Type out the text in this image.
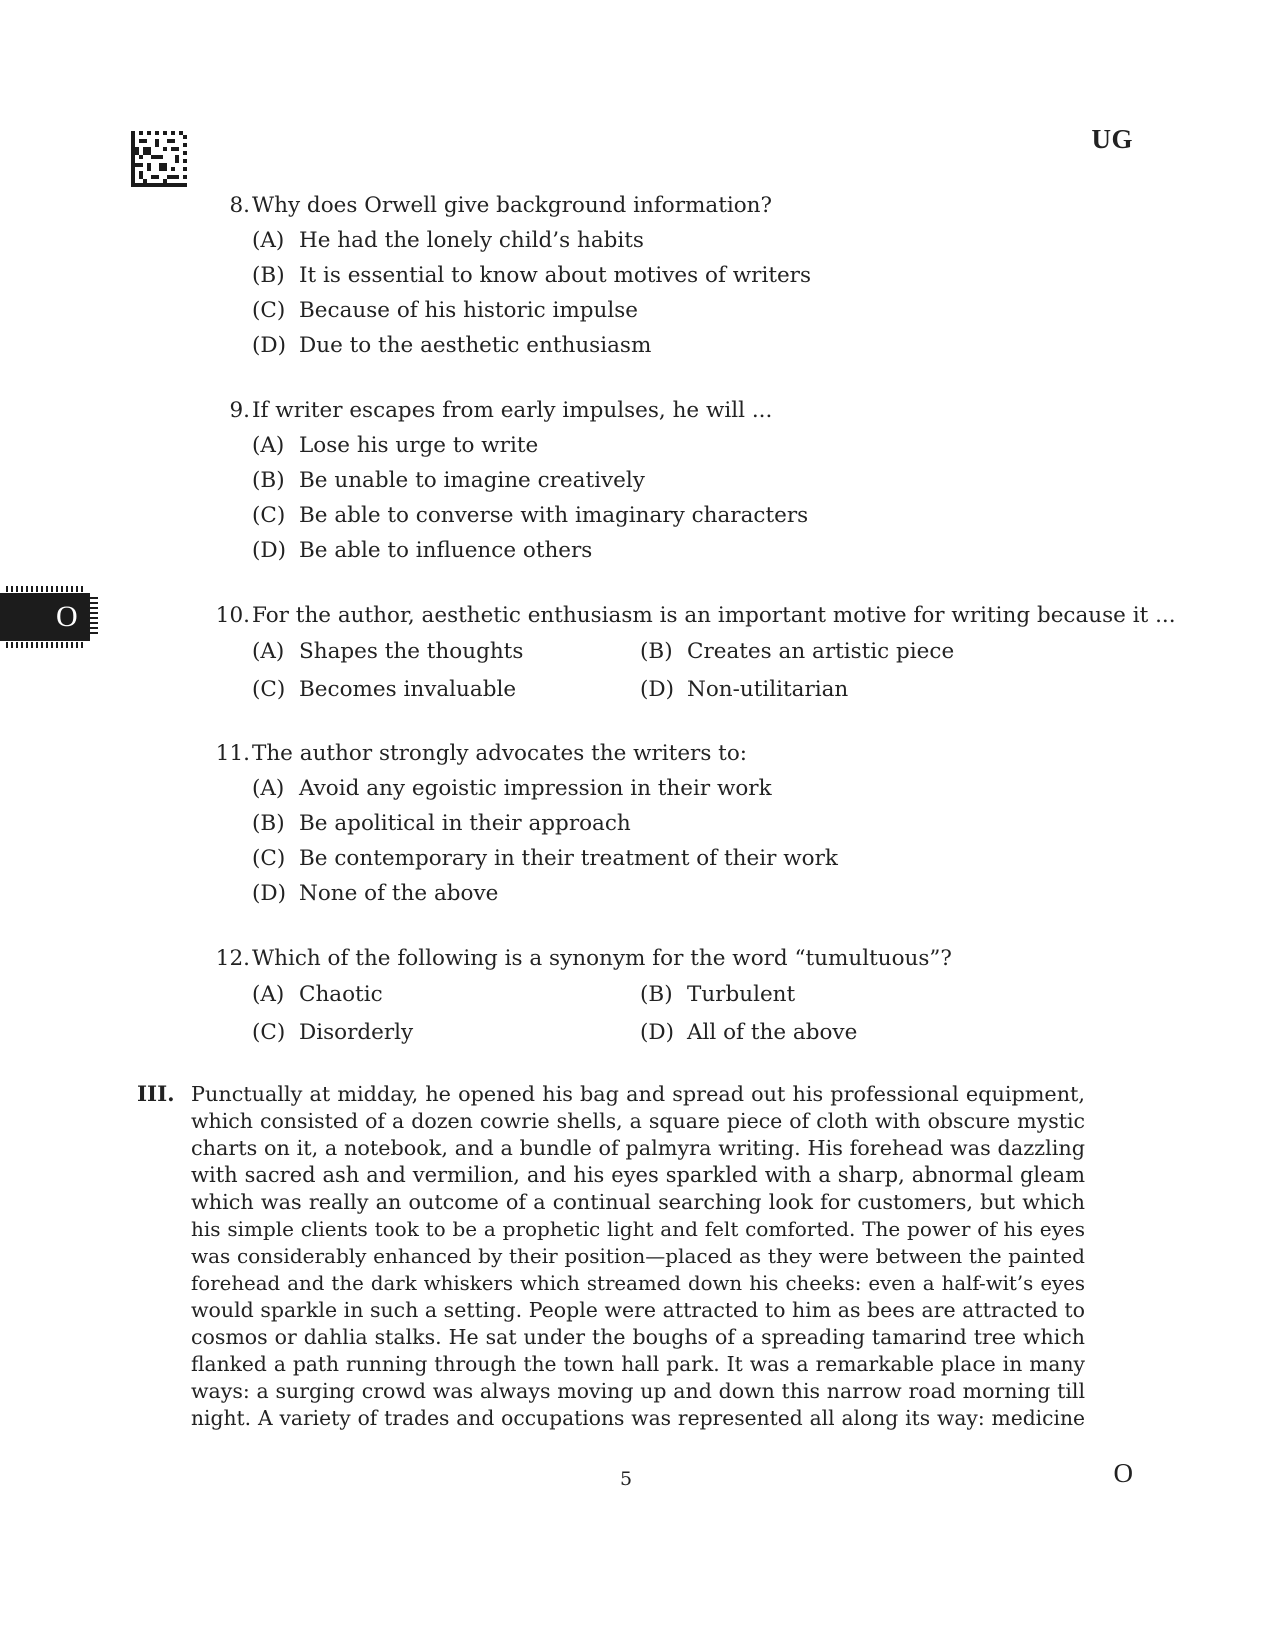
UG
O
8. Why does Orwell give background information?
(A) He had the lonely child’s habits
(B) It is essential to know about motives of writers
(C) Because of his historic impulse
(D) Due to the aesthetic enthusiasm
9. If writer escapes from early impulses, he will ...
(A) Lose his urge to write
(B) Be unable to imagine creatively
(C) Be able to converse with imaginary characters
(D) Be able to influence others
10. For the author, aesthetic enthusiasm is an important motive for writing because it ...
(A) Shapes the thoughts	(B) Creates an artistic piece
(C) Becomes invaluable	(D) Non-utilitarian
11. The author strongly advocates the writers to:
(A) Avoid any egoistic impression in their work
(B) Be apolitical in their approach
(C) Be contemporary in their treatment of their work
(D) None of the above
12. Which of the following is a synonym for the word “tumultuous”?
(A) Chaotic	(B) Turbulent
(C) Disorderly	(D) All of the above
III. Punctually at midday, he opened his bag and spread out his professional equipment,
which consisted of a dozen cowrie shells, a square piece of cloth with obscure mystic
charts on it, a notebook, and a bundle of palmyra writing. His forehead was dazzling
with sacred ash and vermilion, and his eyes sparkled with a sharp, abnormal gleam
which was really an outcome of a continual searching look for customers, but which
his simple clients took to be a prophetic light and felt comforted. The power of his eyes
was considerably enhanced by their position—placed as they were between the painted
forehead and the dark whiskers which streamed down his cheeks: even a half-wit’s eyes
would sparkle in such a setting. People were attracted to him as bees are attracted to
cosmos or dahlia stalks. He sat under the boughs of a spreading tamarind tree which
flanked a path running through the town hall park. It was a remarkable place in many
ways: a surging crowd was always moving up and down this narrow road morning till
night. A variety of trades and occupations was represented all along its way: medicine
5	O
